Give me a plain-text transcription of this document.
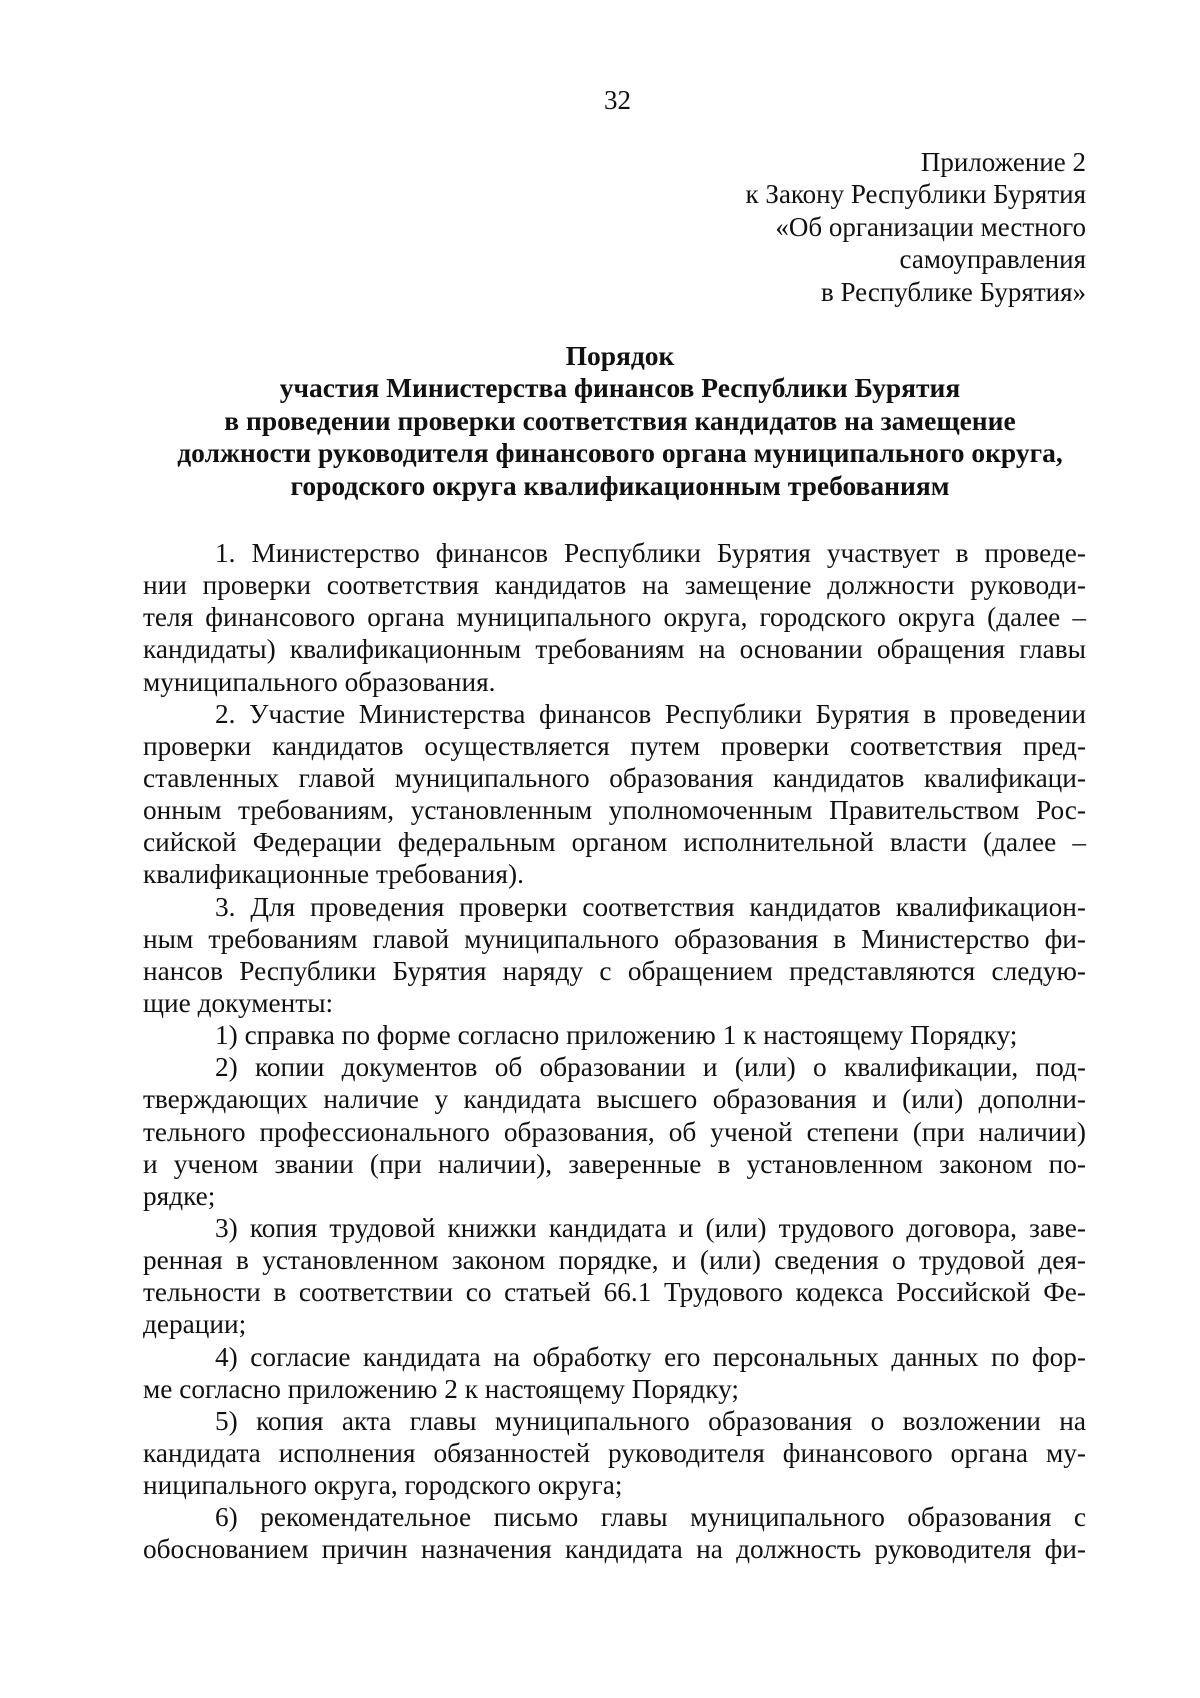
32
Приложение 2
к Закону Республики Бурятия
«Об организации местного
самоуправления
в Республике Бурятия»
Порядок
участия Министерства финансов Республики Бурятия
в проведении проверки соответствия кандидатов на замещение
должности руководителя финансового органа муниципального округа,
городского округа квалификационным требованиям
1. Министерство финансов Республики Бурятия участвует в проведе-
нии проверки соответствия кандидатов на замещение должности руководи-
теля финансового органа муниципального округа, городского округа (далее –
кандидаты) квалификационным требованиям на основании обращения главы
муниципального образования.
2. Участие Министерства финансов Республики Бурятия в проведении
проверки кандидатов осуществляется путем проверки соответствия пред-
ставленных главой муниципального образования кандидатов квалификаци-
онным требованиям, установленным уполномоченным Правительством Рос-
сийской Федерации федеральным органом исполнительной власти (далее –
квалификационные требования).
3. Для проведения проверки соответствия кандидатов квалификацион-
ным требованиям главой муниципального образования в Министерство фи-
нансов Республики Бурятия наряду с обращением представляются следую-
щие документы:
1) справка по форме согласно приложению 1 к настоящему Порядку;
2) копии документов об образовании и (или) о квалификации, под-
тверждающих наличие у кандидата высшего образования и (или) дополни-
тельного профессионального образования, об ученой степени (при наличии)
и ученом звании (при наличии), заверенные в установленном законом по-
рядке;
3) копия трудовой книжки кандидата и (или) трудового договора, заве-
ренная в установленном законом порядке, и (или) сведения о трудовой дея-
тельности в соответствии со статьей 66.1 Трудового кодекса Российской Фе-
дерации;
4) согласие кандидата на обработку его персональных данных по фор-
ме согласно приложению 2 к настоящему Порядку;
5) копия акта главы муниципального образования о возложении на
кандидата исполнения обязанностей руководителя финансового органа му-
ниципального округа, городского округа;
6) рекомендательное письмо главы муниципального образования с
обоснованием причин назначения кандидата на должность руководителя фи-
